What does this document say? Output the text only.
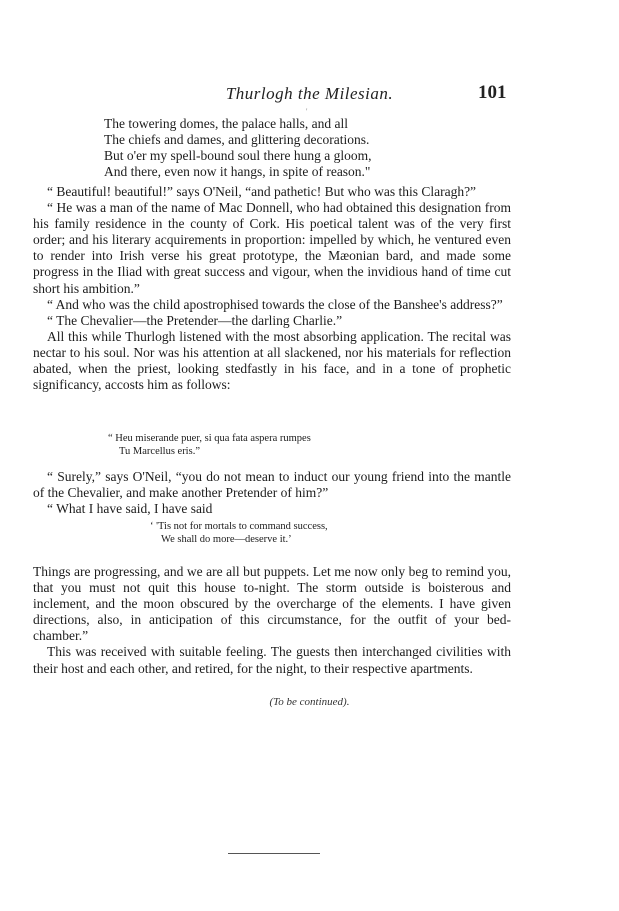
Thurlogh the Milesian.	101
'
The towering domes, the palace halls, and all
The chiefs and dames, and glittering decorations.
But o'er my spell-bound soul there hung a gloom,
And there, even now it hangs, in spite of reason."

“ Beautiful! beautiful!” says O'Neil, “and pathetic! But who was this Claragh?”

“ He was a man of the name of Mac Donnell, who had obtained this designation from his family residence in the county of Cork. His poetical talent was of the very first order; and his literary acquirements in proportion: impelled by which, he ventured even to render into Irish verse his great prototype, the Mæonian bard, and made some progress in the Iliad with great success and vigour, when the invidious hand of time cut short his ambition.”

“ And who was the child apostrophised towards the close of the Banshee's address?”

“ The Chevalier—the Pretender—the darling Charlie.”

All this while Thurlogh listened with the most absorbing application. The recital was nectar to his soul. Nor was his attention at all slackened, nor his materials for reflection abated, when the priest, looking stedfastly in his face, and in a tone of prophetic significancy, accosts him as follows:

“ Heu miserande puer, si qua fata aspera rumpes
Tu Marcellus eris.”

“ Surely,” says O'Neil, “you do not mean to induct our young friend into the mantle of the Chevalier, and make another Pretender of him?”

“ What I have said, I have said

‘ 'Tis not for mortals to command success,
We shall do more—deserve it.’

Things are progressing, and we are all but puppets. Let me now only beg to remind you, that you must not quit this house to-night. The storm outside is boisterous and inclement, and the moon obscured by the overcharge of the elements. I have given directions, also, in anticipation of this circumstance, for the outfit of your bed-chamber.”

This was received with suitable feeling. The guests then interchanged civilities with their host and each other, and retired, for the night, to their respective apartments.

(To be continued).
